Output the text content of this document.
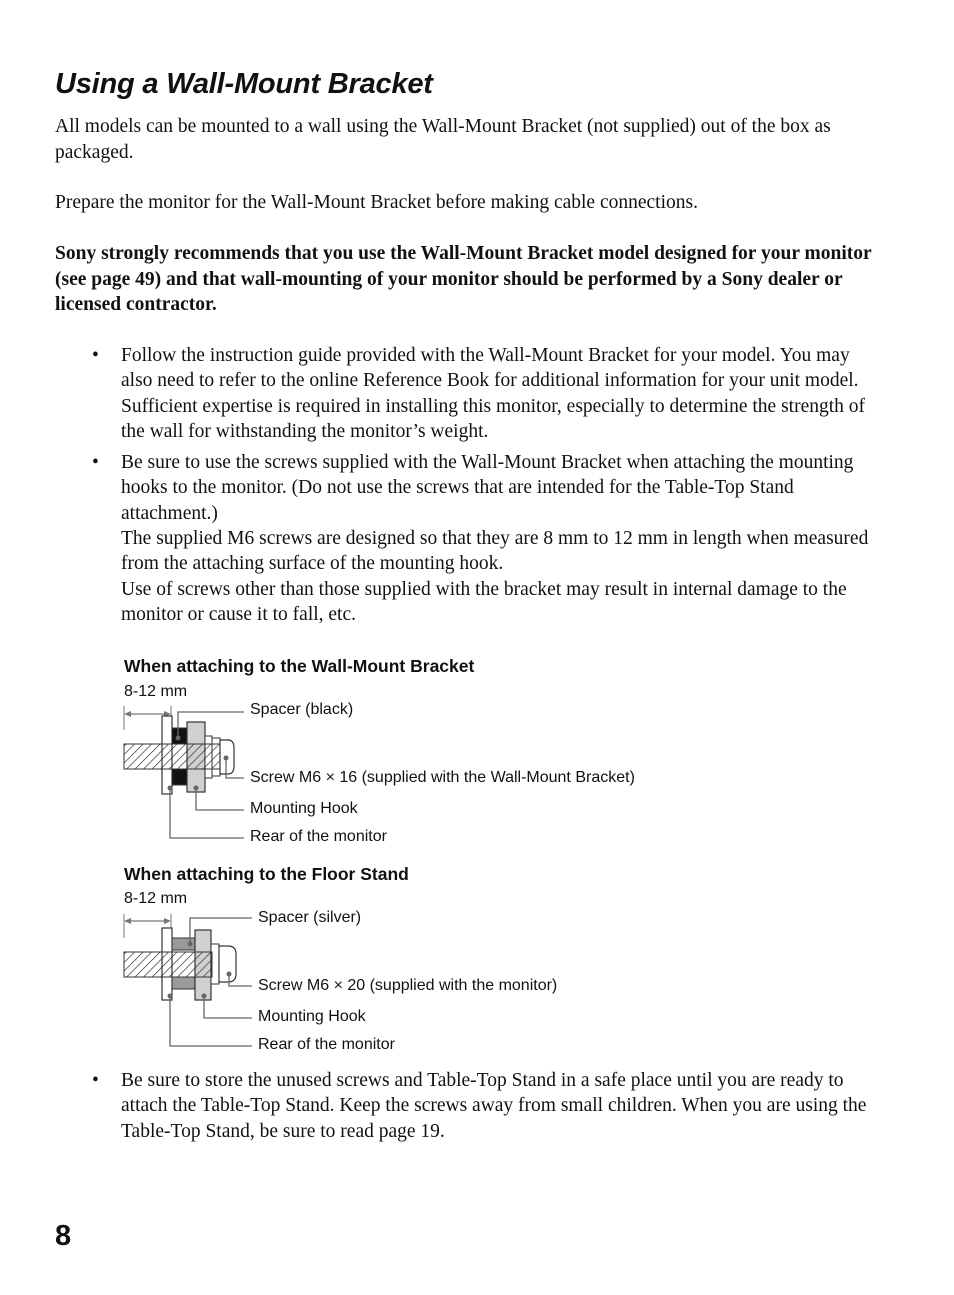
Using a Wall-Mount Bracket

All models can be mounted to a wall using the Wall-Mount Bracket (not supplied) out of the box as packaged.

Prepare the monitor for the Wall-Mount Bracket before making cable connections.

Sony strongly recommends that you use the Wall-Mount Bracket model designed for your monitor (see page 49) and that wall-mounting of your monitor should be performed by a Sony dealer or licensed contractor.

• Follow the instruction guide provided with the Wall-Mount Bracket for your model. You may also need to refer to the online Reference Book for additional information for your unit model. Sufficient expertise is required in installing this monitor, especially to determine the strength of the wall for withstanding the monitor’s weight.

• Be sure to use the screws supplied with the Wall-Mount Bracket when attaching the mounting hooks to the monitor. (Do not use the screws that are intended for the Table-Top Stand attachment.)

The supplied M6 screws are designed so that they are 8 mm to 12 mm in length when measured from the attaching surface of the mounting hook.

Use of screws other than those supplied with the bracket may result in internal damage to the monitor or cause it to fall, etc.

When attaching to the Wall-Mount Bracket

8-12 mm
Spacer (black)
Screw M6 × 16 (supplied with the Wall-Mount Bracket)
Mounting Hook
Rear of the monitor

When attaching to the Floor Stand

8-12 mm
Spacer (silver)
Screw M6 × 20 (supplied with the monitor)
Mounting Hook
Rear of the monitor
• Be sure to store the unused screws and Table-Top Stand in a safe place until you are ready to attach the Table-Top Stand. Keep the screws away from small children. When you are using the Table-Top Stand, be sure to read page 19.

8
